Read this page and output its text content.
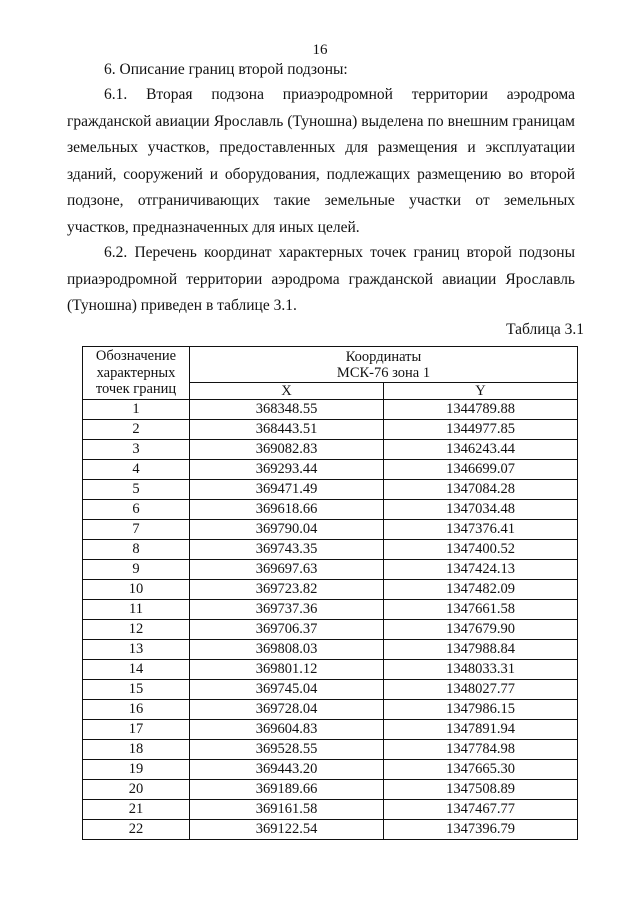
16
6. Описание границ второй подзоны:
6.1. Вторая подзона приаэродромной территории аэродрома гражданской авиации Ярославль (Туношна) выделена по внешним границам земельных участков, предоставленных для размещения и эксплуатации зданий, сооружений и оборудования, подлежащих размещению во второй подзоне, отграничивающих такие земельные участки от земельных участков, предназначенных для иных целей.
6.2. Перечень координат характерных точек границ второй подзоны приаэродромной территории аэродрома гражданской авиации Ярославль (Туношна) приведен в таблице 3.1.
Таблица 3.1
Обозначение
характерных
точек границ	Координаты
МСК-76 зона 1	
	X	Y
1	368348.55	1344789.88
2	368443.51	1344977.85
3	369082.83	1346243.44
4	369293.44	1346699.07
5	369471.49	1347084.28
6	369618.66	1347034.48
7	369790.04	1347376.41
8	369743.35	1347400.52
9	369697.63	1347424.13
10	369723.82	1347482.09
11	369737.36	1347661.58
12	369706.37	1347679.90
13	369808.03	1347988.84
14	369801.12	1348033.31
15	369745.04	1348027.77
16	369728.04	1347986.15
17	369604.83	1347891.94
18	369528.55	1347784.98
19	369443.20	1347665.30
20	369189.66	1347508.89
21	369161.58	1347467.77
22	369122.54	1347396.79
